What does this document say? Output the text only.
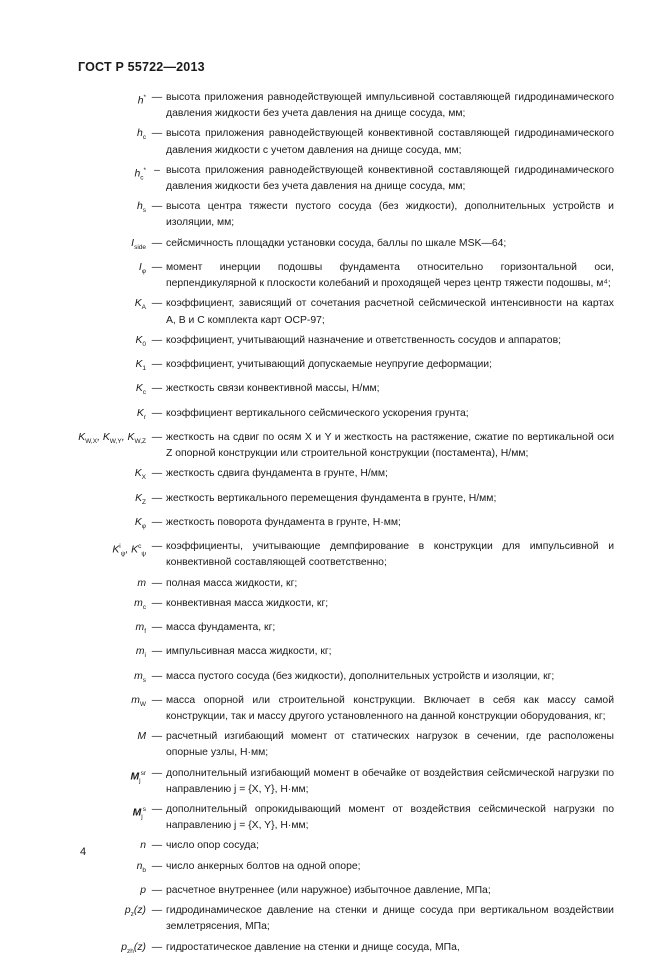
ГОСТ Р 55722—2013
h* — высота приложения равнодействующей импульсивной составляющей гидродинамического давления жидкости без учета давления на днище сосуда, мм;
$h_c$ — высота приложения равнодействующей конвективной составляющей гидродинамического давления жидкости с учетом давления на днище сосуда, мм;
$h_c^*$ – высота приложения равнодействующей конвективной составляющей гидродинамического давления жидкости без учета давления на днище сосуда, мм;
$h_s$ — высота центра тяжести пустого сосуда (без жидкости), дополнительных устройств и изоляции, мм;
$I_{side}$ — сейсмичность площадки установки сосуда, баллы по шкале MSK—64;
$I_\varphi$ — момент инерции подошвы фундамента относительно горизонтальной оси, перпендикулярной к плоскости колебаний и проходящей через центр тяжести подошвы, м⁴;
$K_A$ — коэффициент, зависящий от сочетания расчетной сейсмической интенсивности на картах А, В и С комплекта карт ОСР-97;
$K_0$ — коэффициент, учитывающий назначение и ответственность сосудов и аппаратов;
$K_1$ — коэффициент, учитывающий допускаемые неупругие деформации;
$K_c$ — жесткость связи конвективной массы, Н/мм;
$K_r$ — коэффициент вертикального сейсмического ускорения грунта;
$K_{W,X}$, $K_{W,Y}$, $K_{W,Z}$ — жесткость на сдвиг по осям X и Y и жесткость на растяжение, сжатие по вертикальной оси Z опорной конструкции или строительной конструкции (постамента), Н/мм;
$K_X$ — жесткость сдвига фундамента в грунте, Н/мм;
$K_Z$ — жесткость вертикального перемещения фундамента в грунте, Н/мм;
$K_\varphi$ — жесткость поворота фундамента в грунте, Н·мм;
$K^i_\psi$, $K^c_\psi$
— коэффициенты, учитывающие демпфирование в конструкции для импульсивной и конвективной составляющей соответственно;
m — полная масса жидкости, кг;
$m_c$ — конвективная масса жидкости, кг;
$m_f$ — масса фундамента, кг;
$m_i$ — импульсивная масса жидкости, кг;
$m_s$ — масса пустого сосуда (без жидкости), дополнительных устройств и изоляции, кг;
$m_W$ — масса опорной или строительной конструкции. Включает в себя как массу самой конструкции, так и массу другого установленного на данной конструкции оборудования, кг;
M — расчетный изгибающий момент от статических нагрузок в сечении, где расположены опорные узлы, Н·мм;
$M_j^{sr}$ — дополнительный изгибающий момент в обечайке от воздействия сейсмической нагрузки по направлению j = {X, Y}, Н·мм;
$M_j^s$ — дополнительный опрокидывающий момент от воздействия сейсмической нагрузки по направлению j = {X, Y}, Н·мм;
n — число опор сосуда;
$n_b$ — число анкерных болтов на одной опоре;
p — расчетное внутреннее (или наружное) избыточное давление, МПа;
$p_z(z)$ — гидродинамическое давление на стенки и днище сосуда при вертикальном воздействии землетрясения, МПа;
$p_{zh}(z)$ — гидростатическое давление на стенки и днище сосуда, МПа,
4
